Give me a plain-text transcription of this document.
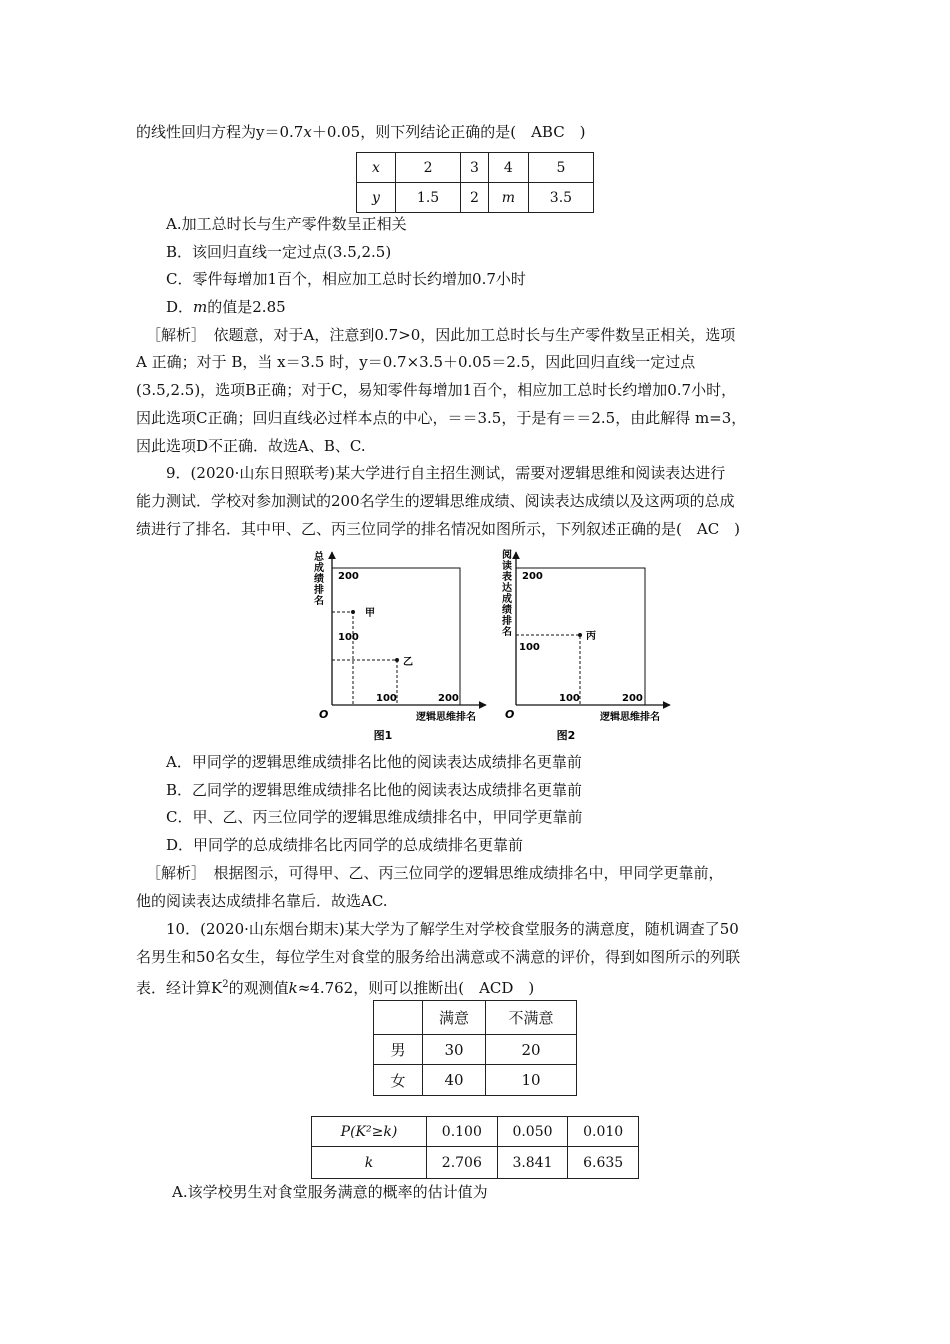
的线性回归方程为y＝0.7x＋0.05，则下列结论正确的是(　ABC　)
x	2	3	4	5
y	1.5	2	m	3.5
A.加工总时长与生产零件数呈正相关
B．该回归直线一定过点(3.5,2.5)
C．零件每增加1百个，相应加工总时长约增加0.7小时
D．m的值是2.85
［解析］　依题意，对于A，注意到0.7>0，因此加工总时长与生产零件数呈正相关，选项
A 正确；对于 B，当 x＝3.5 时，y＝0.7×3.5＋0.05＝2.5，因此回归直线一定过点
(3.5,2.5)，选项B正确；对于C，易知零件每增加1百个，相应加工总时长约增加0.7小时，
因此选项C正确；回归直线必过样本点的中心，＝＝3.5，于是有＝＝2.5，由此解得 m=3，
因此选项D不正确．故选A、B、C.
9．(2020·山东日照联考)某大学进行自主招生测试，需要对逻辑思维和阅读表达进行
能力测试．学校对参加测试的200名学生的逻辑思维成绩、阅读表达成绩以及这两项的总成
绩进行了排名．其中甲、乙、丙三位同学的排名情况如图所示，下列叙述正确的是(　AC　)
总
成
绩
排
名
200
100
100	200
O	逻辑思维排名
甲
乙
图1
阅
读
表
达
成
绩
排
名
200
100
100	200
O	逻辑思维排名
丙
图2
A．甲同学的逻辑思维成绩排名比他的阅读表达成绩排名更靠前
B．乙同学的逻辑思维成绩排名比他的阅读表达成绩排名更靠前
C．甲、乙、丙三位同学的逻辑思维成绩排名中，甲同学更靠前
D．甲同学的总成绩排名比丙同学的总成绩排名更靠前
［解析］　根据图示，可得甲、乙、丙三位同学的逻辑思维成绩排名中，甲同学更靠前，
他的阅读表达成绩排名靠后．故选AC.
10．(2020·山东烟台期末)某大学为了解学生对学校食堂服务的满意度，随机调查了50
名男生和50名女生，每位学生对食堂的服务给出满意或不满意的评价，得到如图所示的列联
表．经计算$K^2$的观测值k≈4.762，则可以推断出(　ACD　)
	满意	不满意
男	30	20
女	40	10
P(K²≥k)	0.100	0.050	0.010
k	2.706	3.841	6.635
A.该学校男生对食堂服务满意的概率的估计值为
